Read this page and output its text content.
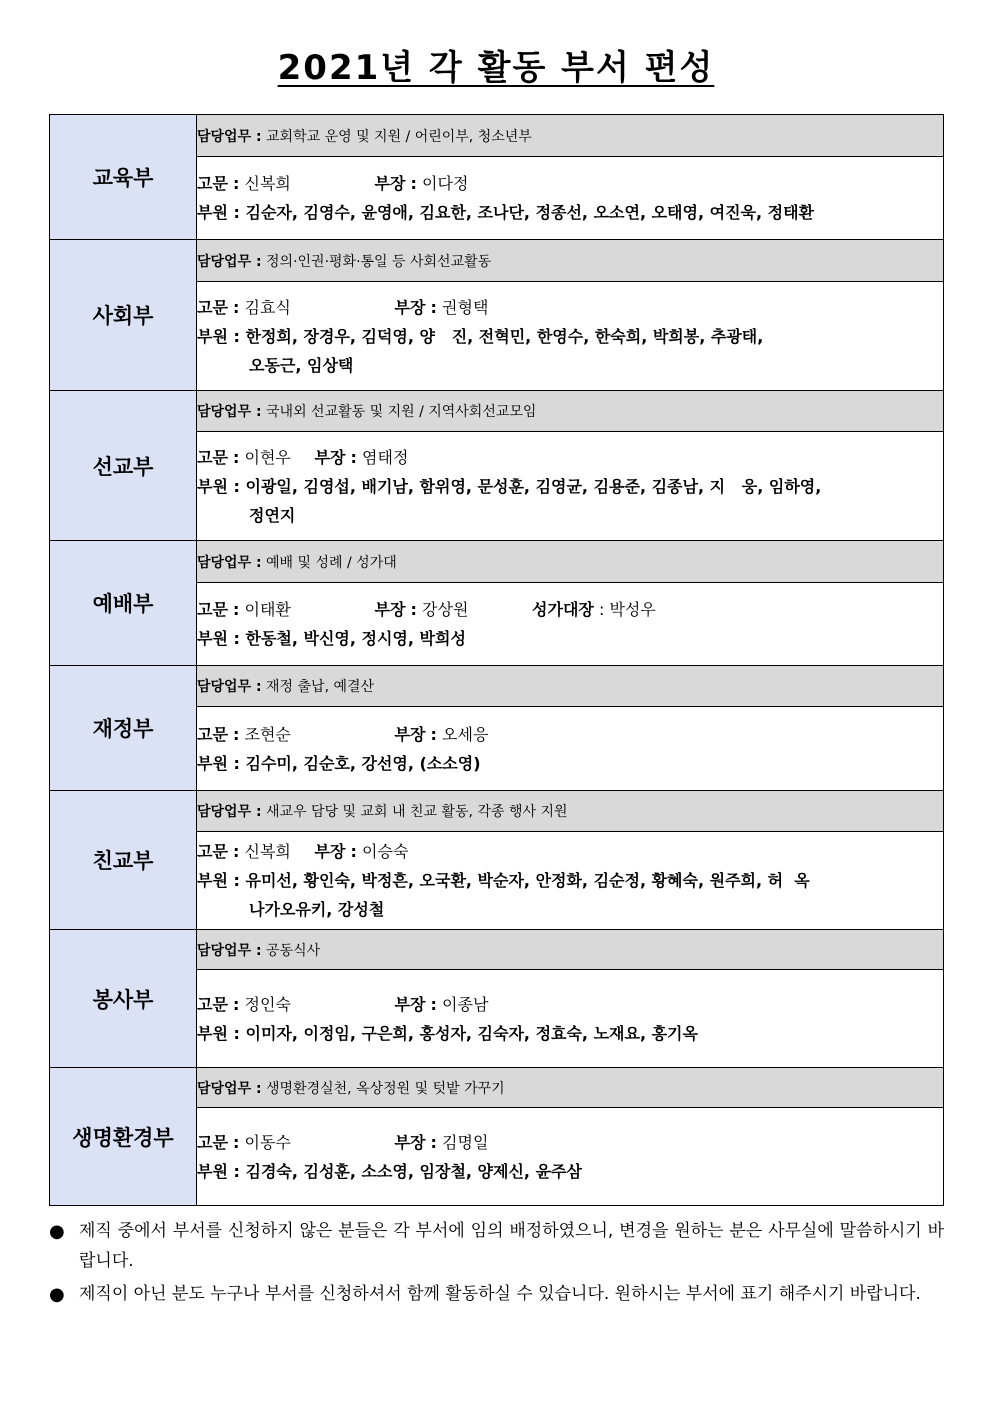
2021년 각 활동 부서 편성
교육부	담당업무 : 교회학교 운영 및 지원 / 어린이부, 청소년부

	고문 : 신복희 부장 : 이다정
부원 : 김순자, 김영수, 윤영애, 김요한, 조나단, 정종선, 오소연, 오태영, 여진욱, 정태환

사회부	담당업무 : 정의·인권·평화·통일 등 사회선교활동

	고문 : 김효식 부장 : 권형택
부원 : 한정희, 장경우, 김덕영, 양   진, 전혁민, 한영수, 한숙희, 박희봉, 추광태,
오동근, 임상택

선교부	담당업무 : 국내외 선교활동 및 지원 / 지역사회선교모임

	고문 : 이현우 부장 : 염태정
부원 : 이광일, 김영섭, 배기남, 함위영, 문성훈, 김영균, 김용준, 김종남, 지   웅, 임하영,
정연지

예배부	담당업무 : 예배 및 성례 / 성가대

	고문 : 이태환 부장 : 강상원 성가대장 : 박성우
부원 : 한동철, 박신영, 정시영, 박희성

재정부	담당업무 : 재정 출납, 예결산

	고문 : 조현순 부장 : 오세응
부원 : 김수미, 김순호, 강선영, (소소영)

친교부	담당업무 : 새교우 담당 및 교회 내 친교 활동, 각종 행사 지원

	고문 : 신복희 부장 : 이승숙
부원 : 유미선, 황인숙, 박정흔, 오국환, 박순자, 안정화, 김순정, 황혜숙, 원주희, 허  옥
나가오유키, 강성철

봉사부	담당업무 : 공동식사

	고문 : 정인숙 부장 : 이종남
부원 : 이미자, 이정임, 구은희, 홍성자, 김숙자, 정효숙, 노재요, 홍기옥

생명환경부	담당업무 : 생명환경실천, 옥상정원 및 텃밭 가꾸기

	고문 : 이동수 부장 : 김명일
부원 : 김경숙, 김성훈, 소소영, 임장철, 양제신, 윤주삼
● 제직 중에서 부서를 신청하지 않은 분들은 각 부서에 임의 배정하였으니, 변경을 원하는 분은 사무실에 말씀하시기 바랍니다.
● 제직이 아닌 분도 누구나 부서를 신청하셔서 함께 활동하실 수 있습니다. 원하시는 부서에 표기 해주시기 바랍니다.
